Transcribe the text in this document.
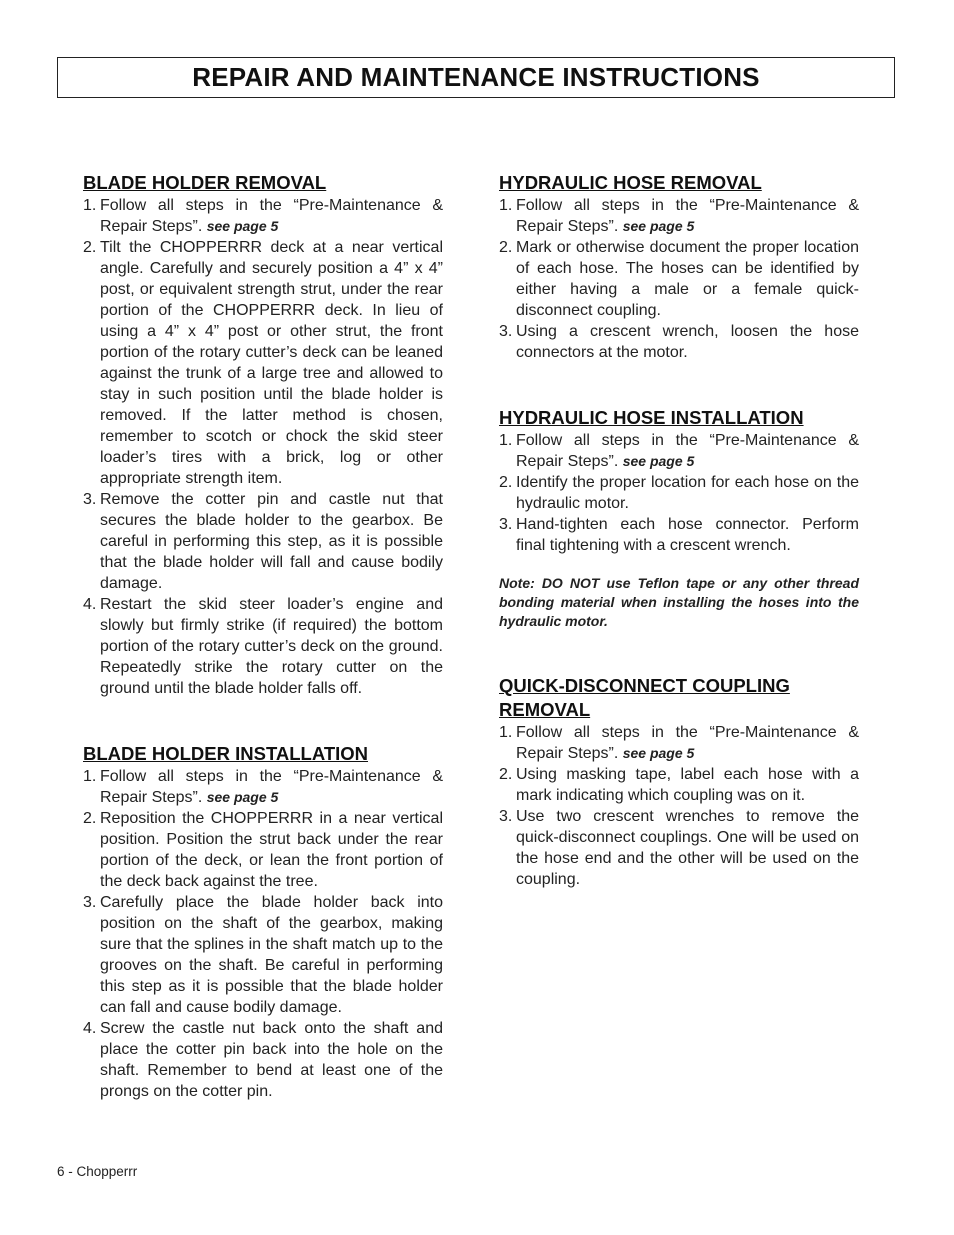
REPAIR AND MAINTENANCE INSTRUCTIONS
BLADE HOLDER REMOVAL
1. Follow all steps in the “Pre-Maintenance & Repair Steps”. see page 5
2. Tilt the CHOPPERRR deck at a near vertical angle. Carefully and securely position a 4” x 4” post, or equivalent strength strut, under the rear portion of the CHOPPERRR deck. In lieu of using a 4” x 4” post or other strut, the front portion of the rotary cutter’s deck can be leaned against the trunk of a large tree and allowed to stay in such position until the blade holder is removed. If the latter method is chosen, remember to scotch or chock the skid steer loader’s tires with a brick, log or other appropriate strength item.
3. Remove the cotter pin and castle nut that secures the blade holder to the gearbox. Be careful in performing this step, as it is possible that the blade holder will fall and cause bodily damage.
4. Restart the skid steer loader’s engine and slowly but firmly strike (if required) the bottom portion of the rotary cutter’s deck on the ground. Repeatedly strike the rotary cutter on the ground until the blade holder falls off.
BLADE HOLDER INSTALLATION
1. Follow all steps in the “Pre-Maintenance & Repair Steps”. see page 5
2. Reposition the CHOPPERRR in a near vertical position. Position the strut back under the rear portion of the deck, or lean the front portion of the deck back against the tree.
3. Carefully place the blade holder back into position on the shaft of the gearbox, making sure that the splines in the shaft match up to the grooves on the shaft. Be careful in performing this step as it is possible that the blade holder can fall and cause bodily damage.
4. Screw the castle nut back onto the shaft and place the cotter pin back into the hole on the shaft. Remember to bend at least one of the prongs on the cotter pin.
HYDRAULIC HOSE REMOVAL
1. Follow all steps in the “Pre-Maintenance & Repair Steps”. see page 5
2. Mark or otherwise document the proper location of each hose. The hoses can be identified by either having a male or a female quick-disconnect coupling.
3. Using a crescent wrench, loosen the hose connectors at the motor.
HYDRAULIC HOSE INSTALLATION
1. Follow all steps in the “Pre-Maintenance & Repair Steps”. see page 5
2. Identify the proper location for each hose on the hydraulic motor.
3. Hand-tighten each hose connector. Perform final tightening with a crescent wrench.

Note: DO NOT use Teflon tape or any other thread bonding material when installing the hoses into the hydraulic motor.

QUICK-DISCONNECT COUPLING
REMOVAL
1. Follow all steps in the “Pre-Maintenance & Repair Steps”. see page 5
2. Using masking tape, label each hose with a mark indicating which coupling was on it.
3. Use two crescent wrenches to remove the quick-disconnect couplings. One will be used on the hose end and the other will be used on the coupling.
6 - Chopperrr
